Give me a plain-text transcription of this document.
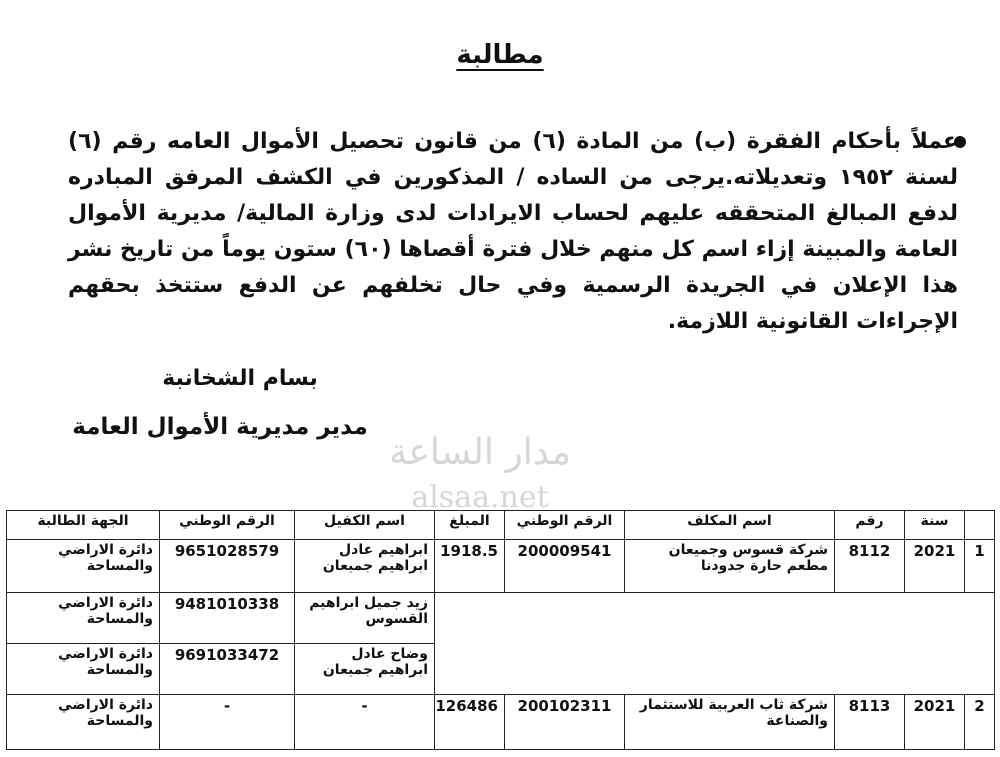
مطالبة
عملاً بأحكام الفقرة (ب) من المادة (٦) من قانون تحصيل الأموال العامه رقم (٦) لسنة ١٩٥٢ وتعديلاته.يرجى من الساده / المذكورين في الكشف المرفق المبادره لدفع المبالغ المتحققه عليهم لحساب الايرادات لدى وزارة المالية/ مديرية الأموال العامة والمبينة إزاء اسم كل منهم خلال فترة أقصاها (٦٠) ستون يوماً من تاريخ نشر هذا الإعلان في الجريدة الرسمية وفي حال تخلفهم عن الدفع ستتخذ بحقهم الإجراءات القانونية اللازمة.
بسام الشخانبة
مدير مديرية الأموال العامة
مدار الساعة
alsaa.net
	سنة	رقم	اسم المكلف	الرقم الوطني	المبلغ	اسم الكفيل	الرقم الوطني	الجهة الطالبة
1	2021	8112	شركة قسوس وجميعان مطعم حارة جدودنا	200009541	1918.5	ابراهيم عادل ابراهيم جميعان	9651028579	دائرة الاراضي والمساحة
						زيد جميل ابراهيم القسوس	9481010338	دائرة الاراضي والمساحة
						وضاح عادل ابراهيم جميعان	9691033472	دائرة الاراضي والمساحة
2	2021	8113	شركة ثاب العربية للاستثمار والصناعة	200102311	126486	-	-	دائرة الاراضي والمساحة
